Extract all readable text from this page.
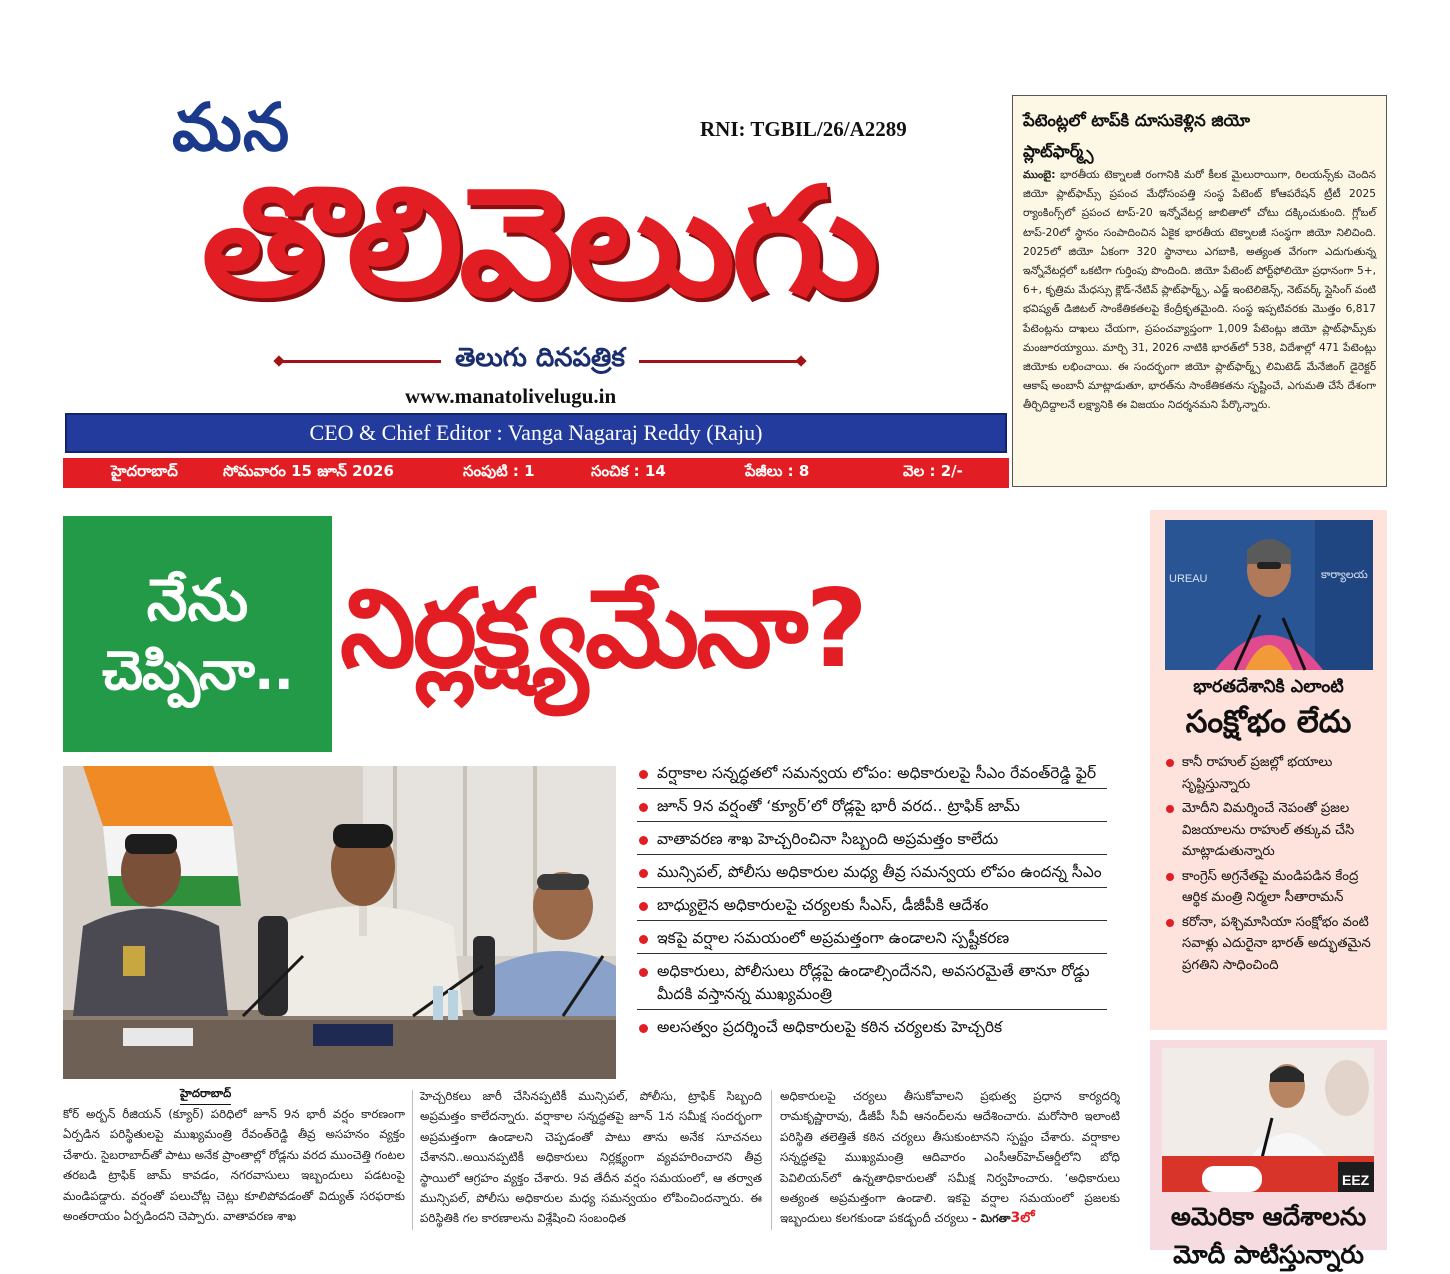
మన	RNI: TGBIL/26/A2289
తొలివెలుగు
తెలుగు దినపత్రిక
www.manatolivelugu.in
CEO & Chief Editor : Vanga Nagaraj Reddy (Raju)
హైదరాబాద్	సోమవారం 15 జూన్ 2026	సంపుటి : 1	సంచిక : 14	పేజీలు : 8	వెల : 2/-
పేటెంట్లలో టాప్‌కి దూసుకెళ్లిన జియో
ప్లాట్‌ఫార్మ్స్
ముంబై: భారతీయ టెక్నాలజీ రంగానికి మరో కీలక మైలురాయిగా, రిలయన్స్‌కు చెందిన జియో ప్లాట్‌ఫామ్స్ ప్రపంచ మేధోసంపత్తి సంస్థ పేటెంట్ కోఆపరేషన్ ట్రీటీ 2025 ర్యాంకింగ్స్‌లో ప్రపంచ టాప్-20 ఇన్నోవేటర్ల జాబితాలో చోటు దక్కించుకుంది. గ్లోబల్ టాప్-20లో స్థానం సంపాదించిన ఏకైక భారతీయ టెక్నాలజీ సంస్థగా జియో నిలిచింది. 2025లో జియో ఏకంగా 320 స్థానాలు ఎగబాకి, అత్యంత వేగంగా ఎదుగుతున్న ఇన్నోవేటర్లలో ఒకటిగా గుర్తింపు పొందింది. జియో పేటెంట్ పోర్ట్‌ఫోలియో ప్రధానంగా 5+, 6+, కృత్రిమ మేధస్సు క్లౌడ్-నేటివ్ ప్లాట్‌ఫార్మ్స్, ఎడ్జ్ ఇంటెలిజెన్స్, నెట్‌వర్క్ స్లైసింగ్ వంటి భవిష్యత్ డిజిటల్ సాంకేతికతలపై కేంద్రీకృతమైంది. సంస్థ ఇప్పటివరకు మొత్తం 6,817 పేటెంట్లను దాఖలు చేయగా, ప్రపంచవ్యాప్తంగా 1,009 పేటెంట్లు జియో ప్లాట్‌ఫామ్స్‌కు మంజూరయ్యాయి. మార్చి 31, 2026 నాటికి భారత్‌లో 538, విదేశాల్లో 471 పేటెంట్లు జియోకు లభించాయి. ఈ సందర్భంగా జియో ప్లాట్‌ఫార్మ్స్ లిమిటెడ్ మేనేజింగ్ డైరెక్టర్ ఆకాష్ అంబానీ మాట్లాడుతూ, భారత్‌ను సాంకేతికతను సృష్టించే, ఎగుమతి చేసే దేశంగా తీర్చిదిద్దాలనే లక్ష్యానికి ఈ విజయం నిదర్శనమని పేర్కొన్నారు.
నేను
చెప్పినా.. నిర్లక్ష్యమేనా?
వర్షాకాల సన్నద్ధతలో సమన్వయ లోపం: అధికారులపై సీఎం రేవంత్‌రెడ్డి ఫైర్
జూన్ 9న వర్షంతో ‘క్యూర్’లో రోడ్లపై భారీ వరద.. ట్రాఫిక్ జామ్
వాతావరణ శాఖ హెచ్చరించినా సిబ్బంది అప్రమత్తం కాలేదు
మున్సిపల్, పోలీసు అధికారుల మధ్య తీవ్ర సమన్వయ లోపం ఉందన్న సీఎం
బాధ్యులైన అధికారులపై చర్యలకు సీఎస్, డీజీపీకి ఆదేశం
ఇకపై వర్షాల సమయంలో అప్రమత్తంగా ఉండాలని స్పష్టీకరణ
అధికారులు, పోలీసులు రోడ్లపై ఉండాల్సిందేనని, అవసరమైతే తానూ రోడ్డు మీదకి వస్తానన్న ముఖ్యమంత్రి
అలసత్వం ప్రదర్శించే అధికారులపై కఠిన చర్యలకు హెచ్చరిక
హైదరాబాద్
కోర్ అర్బన్ రీజియన్ (క్యూర్) పరిధిలో జూన్ 9న భారీ వర్షం కారణంగా ఏర్పడిన పరిస్థితులపై ముఖ్యమంత్రి రేవంత్‌రెడ్డి తీవ్ర అసహనం వ్యక్తం చేశారు. సైబరాబాద్‌తో పాటు అనేక ప్రాంతాల్లో రోడ్లను వరద ముంచెత్తి గంటల తరబడి ట్రాఫిక్ జామ్ కావడం, నగరవాసులు ఇబ్బందులు పడటంపై మండిపడ్డారు. వర్షంతో పలుచోట్ల చెట్లు కూలిపోవడంతో విద్యుత్ సరఫరాకు అంతరాయం ఏర్పడిందని చెప్పారు. వాతావరణ శాఖ
హెచ్చరికలు జారీ చేసినప్పటికీ మున్సిపల్, పోలీసు, ట్రాఫిక్ సిబ్బంది అప్రమత్తం కాలేదన్నారు. వర్షాకాల సన్నద్ధతపై జూన్ 1న సమీక్ష సందర్భంగా అప్రమత్తంగా ఉండాలని చెప్పడంతో పాటు తాను అనేక సూచనలు చేశానని..అయినప్పటికీ అధికారులు నిర్లక్ష్యంగా వ్యవహరించారని తీవ్ర స్థాయిలో ఆగ్రహం వ్యక్తం చేశారు. 9వ తేదీన వర్షం సమయంలో, ఆ తర్వాత మున్సిపల్, పోలీసు అధికారుల మధ్య సమన్వయం లోపించిందన్నారు. ఈ పరిస్థితికి గల కారణాలను విశ్లేషించి సంబంధిత
అధికారులపై చర్యలు తీసుకోవాలని ప్రభుత్వ ప్రధాన కార్యదర్శి రామకృష్ణారావు, డీజీపీ సీవీ ఆనంద్‌లను ఆదేశించారు. మరోసారి ఇలాంటి పరిస్థితి తలెత్తితే కఠిన చర్యలు తీసుకుంటానని స్పష్టం చేశారు. వర్షాకాల సన్నద్ధతపై ముఖ్యమంత్రి ఆదివారం ఎంసీఆర్‌హెచ్‌ఆర్డీలోని బోధి పెవిలియన్‌లో ఉన్నతాధికారులతో సమీక్ష నిర్వహించారు. ‘అధికారులు అత్యంత అప్రమత్తంగా ఉండాలి. ఇకపై వర్షాల సమయంలో ప్రజలకు ఇబ్బందులు కలగకుండా పకడ్బందీ చర్యలు - మిగతా3లో
UREAU	కార్యాలయ
భారతదేశానికి ఎలాంటి
సంక్షోభం లేదు
కానీ రాహుల్ ప్రజల్లో భయాలు సృష్టిస్తున్నారు
మోదీని విమర్శించే నెపంతో ప్రజల విజయాలను రాహుల్ తక్కువ చేసి మాట్లాడుతున్నారు
కాంగ్రెస్ అగ్రనేతపై మండిపడిన కేంద్ర ఆర్థిక మంత్రి నిర్మలా సీతారామన్
కరోనా, పశ్చిమాసియా సంక్షోభం వంటి సవాళ్లు ఎదురైనా భారత్ అద్భుతమైన ప్రగతిని సాధించింది
EEZ
అమెరికా ఆదేశాలను
మోదీ పాటిస్తున్నారు
